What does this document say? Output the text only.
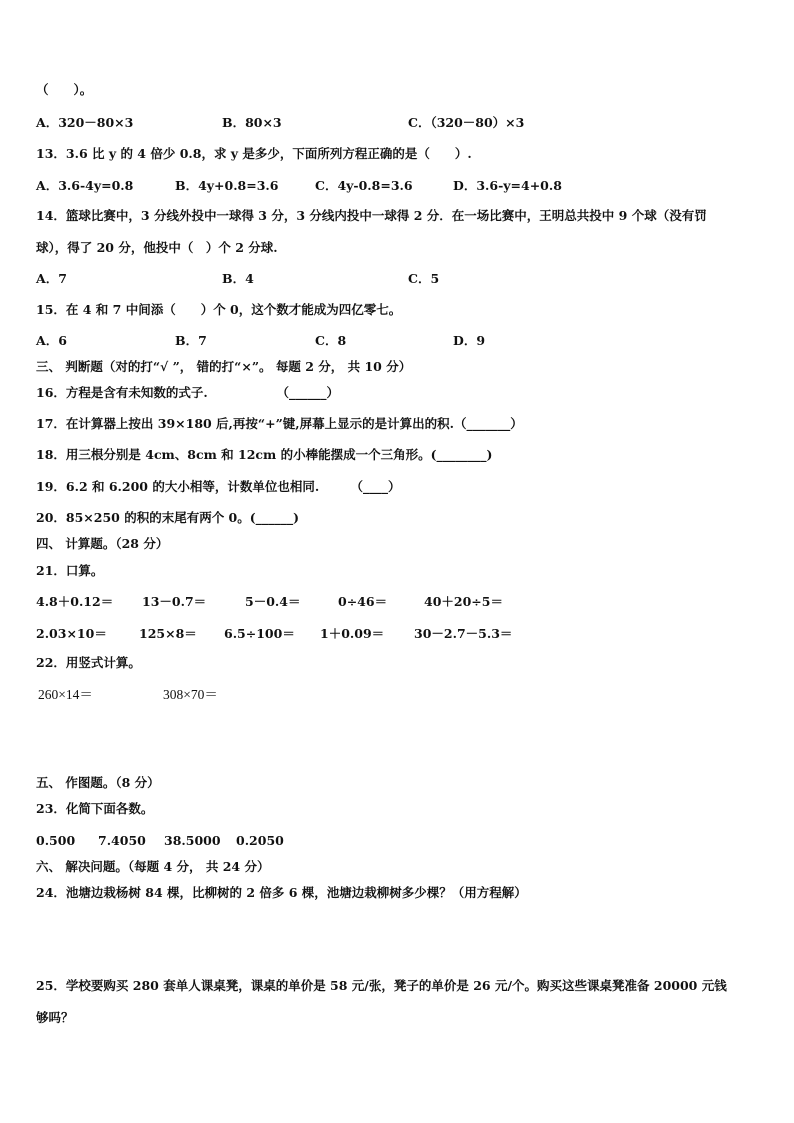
（　　）。
A．320－80×3	B．80×3	C．（320－80）×3
13．3.6 比 y 的 4 倍少 0.8，求 y 是多少，下面所列方程正确的是（　　）.
A．3.6-4y=0.8	B．4y+0.8=3.6	C．4y-0.8=3.6	D．3.6-y=4+0.8
14．篮球比赛中，3 分线外投中一球得 3 分，3 分线内投中一球得 2 分．在一场比赛中，王明总共投中 9 个球（没有罚
球），得了 20 分，他投中（　）个 2 分球.
A．7	B．4	C．5
15．在 4 和 7 中间添（　　）个 0，这个数才能成为四亿零七。
A．6	B．7	C．8	D．9
三、 判断题（对的打“√ ”， 错的打“×”。 每题 2 分， 共 10 分）
16．方程是含有未知数的式子.　　　　　　（______）
17．在计算器上按出 39×180 后,再按“+”键,屏幕上显示的是计算出的积.（_______）
18．用三根分别是 4cm、8cm 和 12cm 的小棒能摆成一个三角形。(________)
19．6.2 和 6.200 的大小相等，计数单位也相同.　　　（____）
20．85×250 的积的末尾有两个 0。(______)
四、 计算题。（28 分）
21．口算。
4.8＋0.12＝ 13－0.7＝	5－0.4＝	0÷46＝	40＋20÷5＝
2.03×10＝	125×8＝ 6.5÷100＝ 1＋0.09＝ 30－2.7－5.3＝
22．用竖式计算。
260×14＝	308×70＝
五、 作图题。（8 分）
23．化简下面各数。
0.500 7.4050 38.5000 0.2050
六、 解决问题。（每题 4 分， 共 24 分）
24．池塘边栽杨树 84 棵，比柳树的 2 倍多 6 棵，池塘边栽柳树多少棵？（用方程解）
25．学校要购买 280 套单人课桌凳，课桌的单价是 58 元/张，凳子的单价是 26 元/个。购买这些课桌凳准备 20000 元钱
够吗？
